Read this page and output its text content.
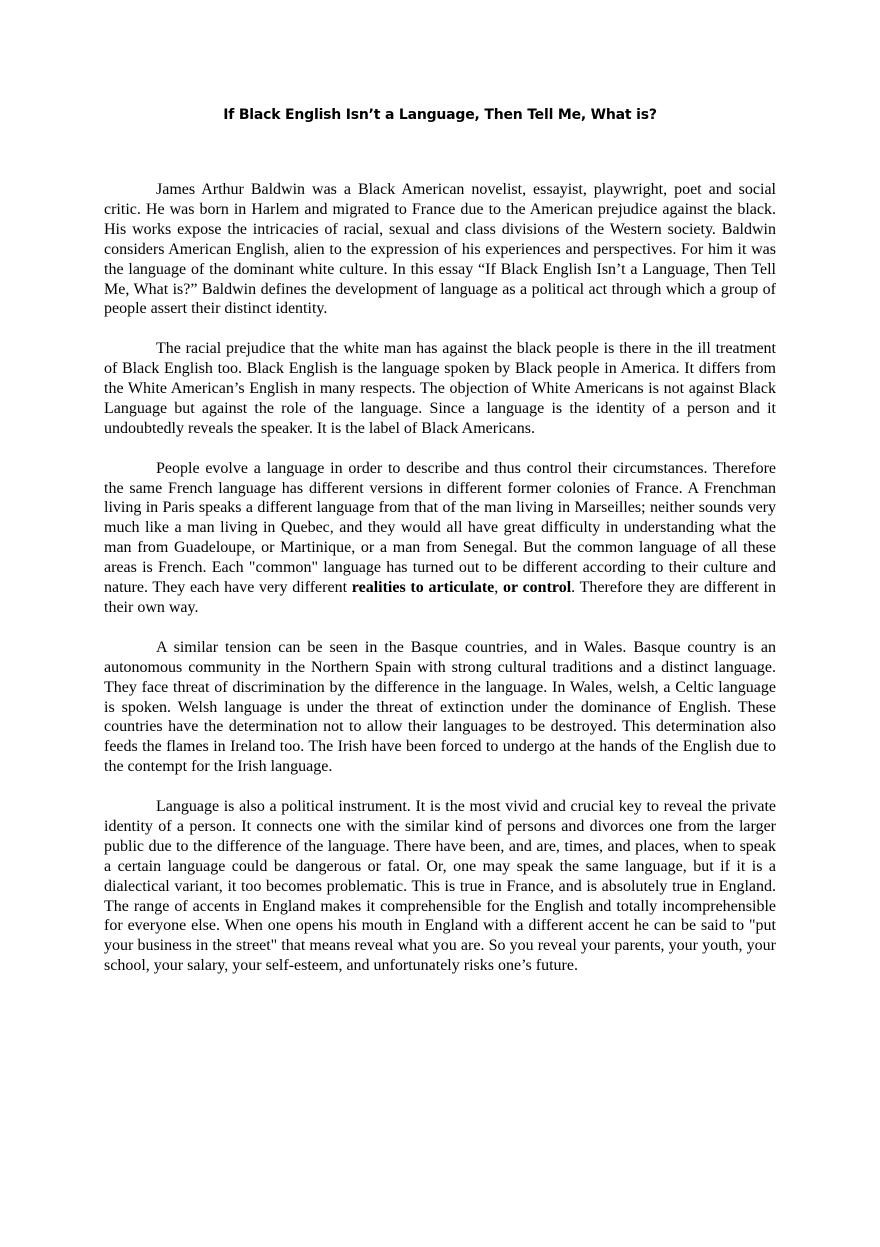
If Black English Isn’t a Language, Then Tell Me, What is?

James Arthur Baldwin was a Black American novelist, essayist, playwright, poet and social critic. He was born in Harlem and migrated to France due to the American prejudice against the black. His works expose the intricacies of racial, sexual and class divisions of the Western society. Baldwin considers American English, alien to the expression of his experiences and perspectives. For him it was the language of the dominant white culture. In this essay “If Black English Isn’t a Language, Then Tell Me, What is?” Baldwin defines the development of language as a political act through which a group of people assert their distinct identity.

The racial prejudice that the white man has against the black people is there in the ill treatment of Black English too. Black English is the language spoken by Black people in America. It differs from the White American’s English in many respects. The objection of White Americans is not against Black Language but against the role of the language. Since a language is the identity of a person and it undoubtedly reveals the speaker. It is the label of Black Americans.

People evolve a language in order to describe and thus control their circumstances. Therefore the same French language has different versions in different former colonies of France. A Frenchman living in Paris speaks a different language from that of the man living in Marseilles; neither sounds very much like a man living in Quebec, and they would all have great difficulty in understanding what the man from Guadeloupe, or Martinique, or a man from Senegal. But the common language of all these areas is French. Each "common" language has turned out to be different according to their culture and nature. They each have very different realities to articulate, or control. Therefore they are different in their own way.

A similar tension can be seen in the Basque countries, and in Wales. Basque country is an autonomous community in the Northern Spain with strong cultural traditions and a distinct language. They face threat of discrimination by the difference in the language. In Wales, welsh, a Celtic language is spoken. Welsh language is under the threat of extinction under the dominance of English. These countries have the determination not to allow their languages to be destroyed. This determination also feeds the flames in Ireland too. The Irish have been forced to undergo at the hands of the English due to the contempt for the Irish language.

Language is also a political instrument. It is the most vivid and crucial key to reveal the private identity of a person. It connects one with the similar kind of persons and divorces one from the larger public due to the difference of the language. There have been, and are, times, and places, when to speak a certain language could be dangerous or fatal. Or, one may speak the same language, but if it is a dialectical variant, it too becomes problematic. This is true in France, and is absolutely true in England. The range of accents in England makes it comprehensible for the English and totally incomprehensible for everyone else. When one opens his mouth in England with a different accent he can be said to "put your business in the street" that means reveal what you are. So you reveal your parents, your youth, your school, your salary, your self-esteem, and unfortunately risks one’s future.
